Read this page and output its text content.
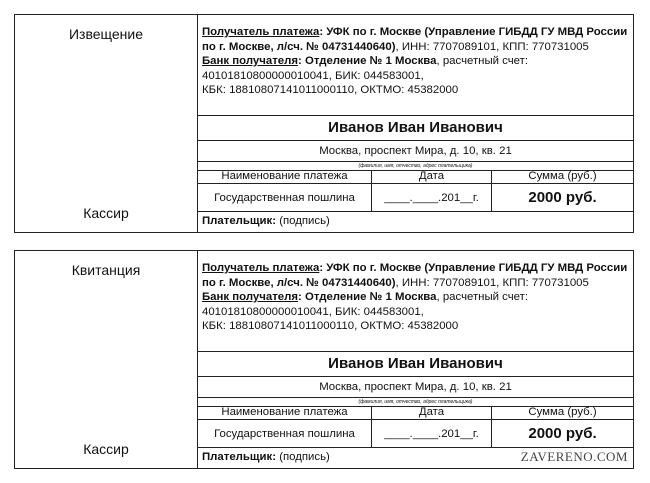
Извещение
Кассир
Получатель платежа: УФК по г. Москве (Управление ГИБДД ГУ МВД России по г. Москве, л/сч. № 04731440640), ИНН: 7707089101, КПП: 770731005
Банк получателя: Отделение № 1 Москва, расчетный счет: 40101810800000010041, БИК: 044583001,
КБК: 18810807141011000110, ОКТМО: 45382000
Иванов Иван Иванович
Москва, проспект Мира, д. 10, кв. 21
(фамилия, имя, отчество, адрес плательщика)
Наименование платежа	Дата	Сумма (руб.)
Государственная пошлина	____.____.201__г.	2000 руб.
Плательщик: (подпись)
Квитанция
Кассир
Получатель платежа: УФК по г. Москве (Управление ГИБДД ГУ МВД России по г. Москве, л/сч. № 04731440640), ИНН: 7707089101, КПП: 770731005
Банк получателя: Отделение № 1 Москва, расчетный счет: 40101810800000010041, БИК: 044583001,
КБК: 18810807141011000110, ОКТМО: 45382000
Иванов Иван Иванович
Москва, проспект Мира, д. 10, кв. 21
(фамилия, имя, отчество, адрес плательщика)
Наименование платежа	Дата	Сумма (руб.)
Государственная пошлина	____.____.201__г.	2000 руб.
Плательщик: (подпись)	ZAVERENO.COM
